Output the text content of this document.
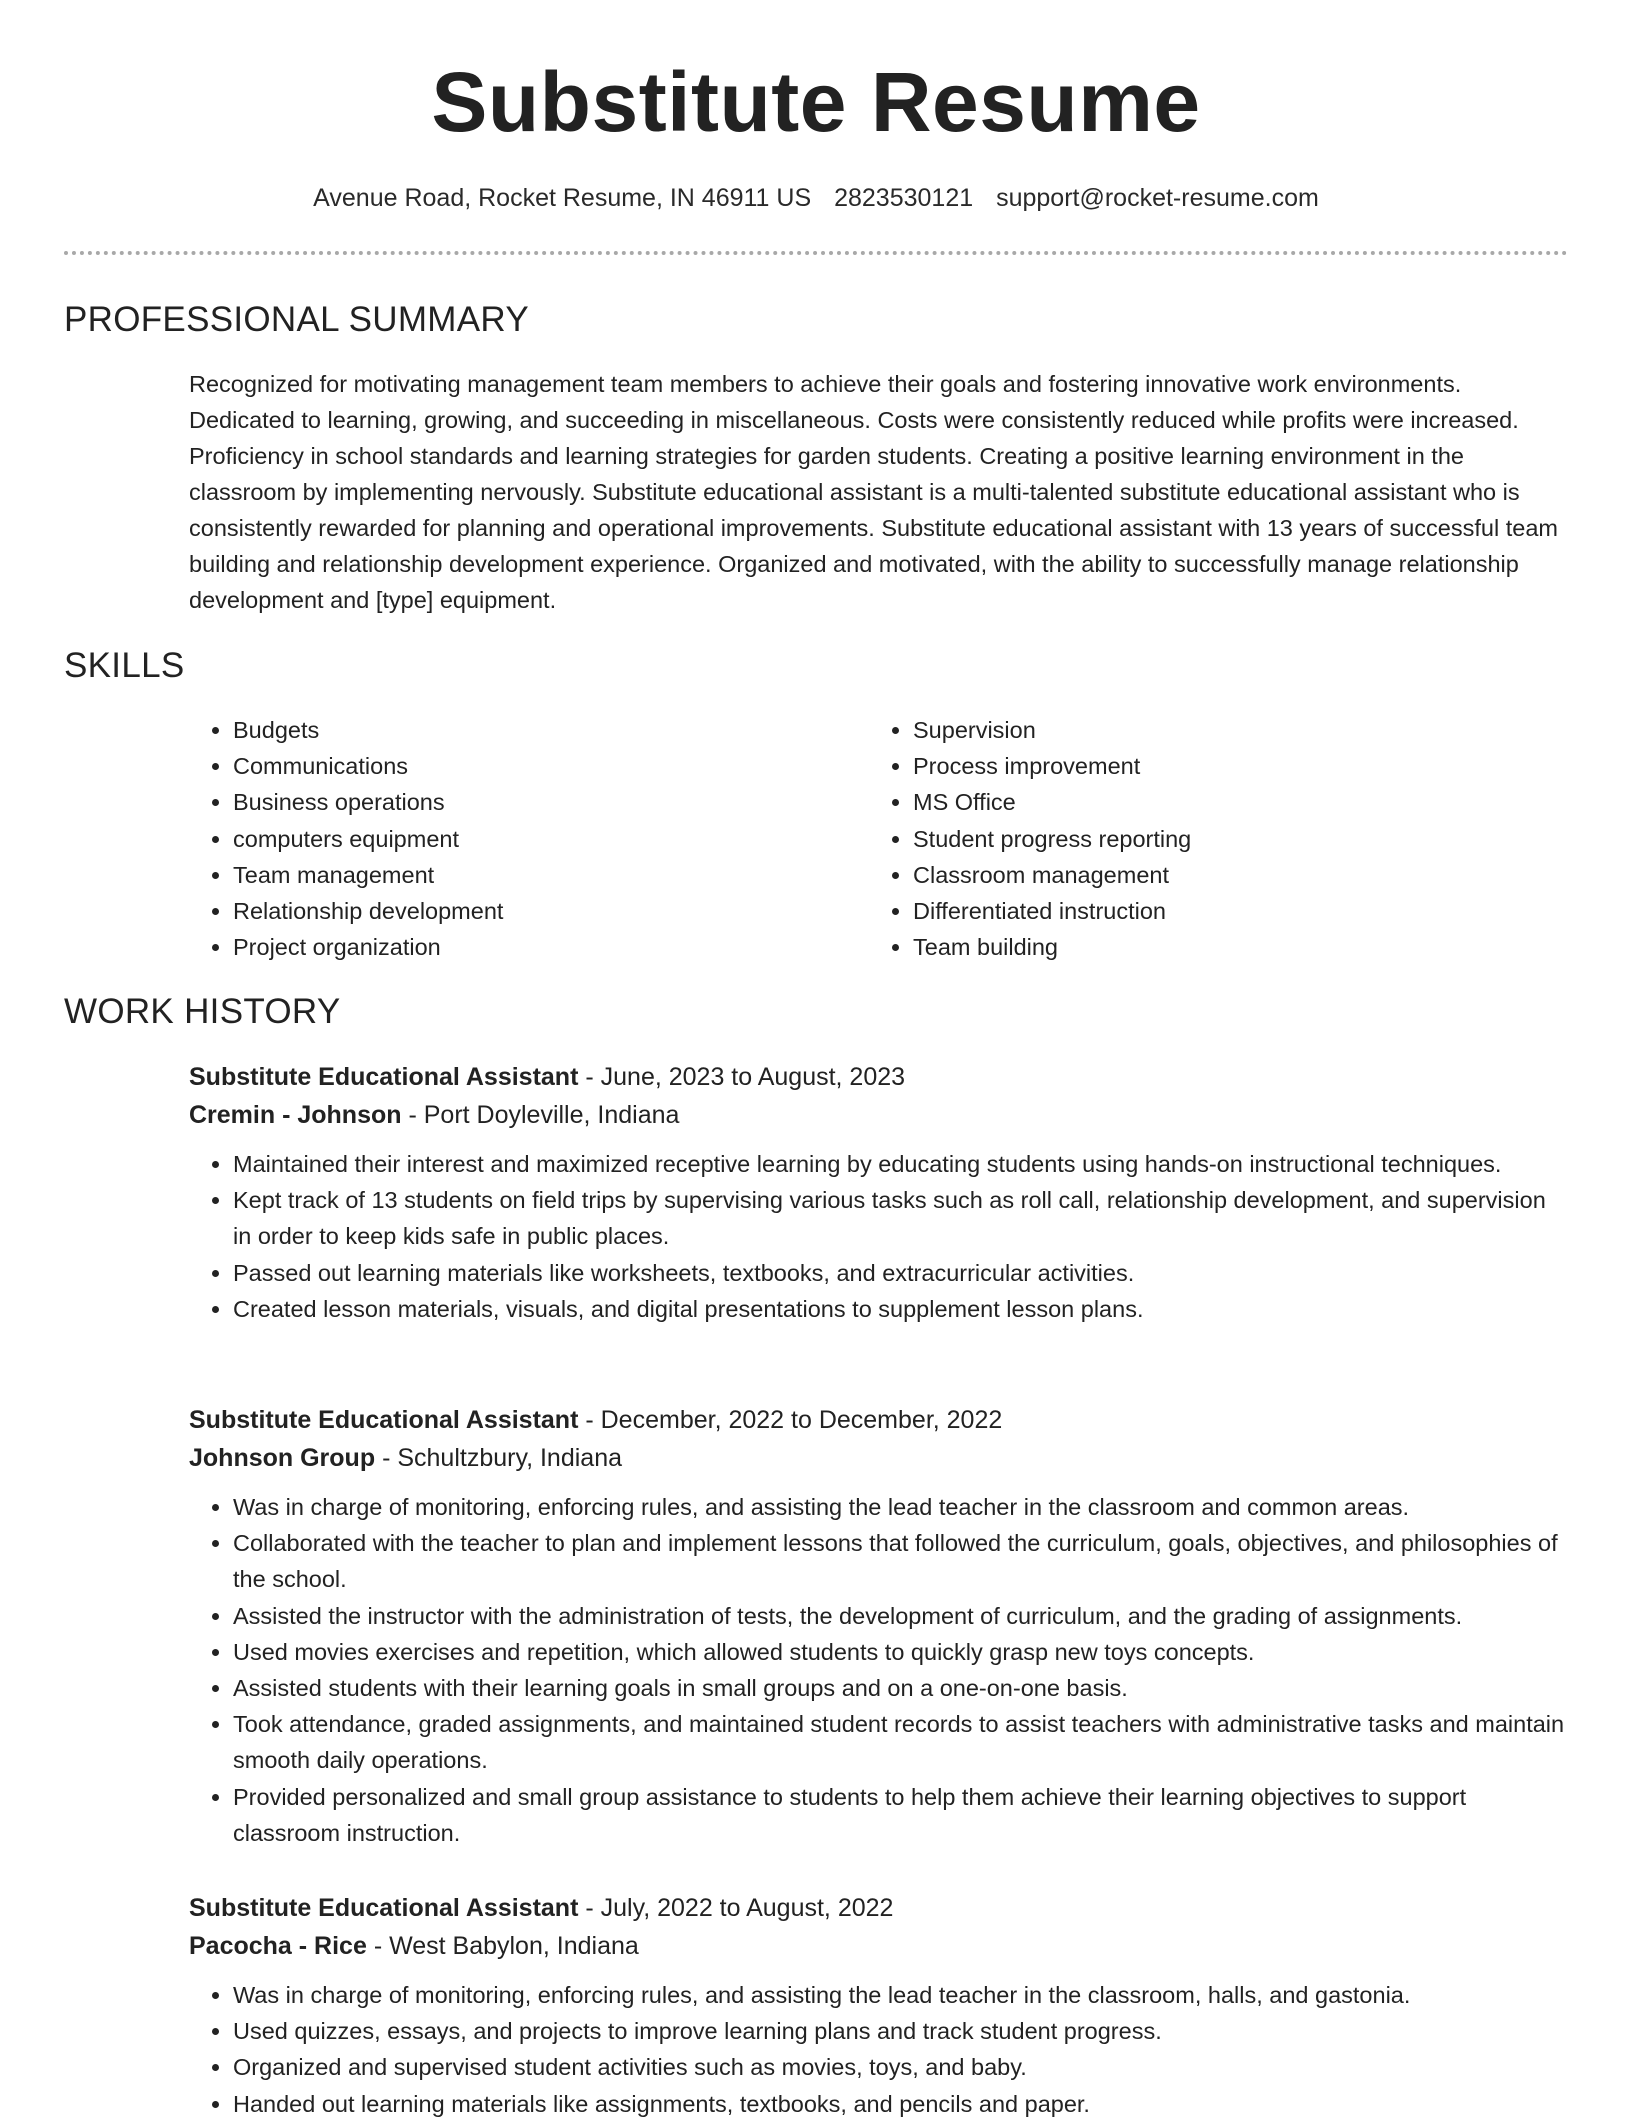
Substitute Resume
Avenue Road, Rocket Resume, IN 46911 US 2823530121 support@rocket-resume.com
PROFESSIONAL SUMMARY

Recognized for motivating management team members to achieve their goals and fostering innovative work environments. Dedicated to learning, growing, and succeeding in miscellaneous. Costs were consistently reduced while profits were increased. Proficiency in school standards and learning strategies for garden students. Creating a positive learning environment in the classroom by implementing nervously. Substitute educational assistant is a multi-talented substitute educational assistant who is consistently rewarded for planning and operational improvements. Substitute educational assistant with 13 years of successful team building and relationship development experience. Organized and motivated, with the ability to successfully manage relationship development and [type] equipment.

SKILLS
• Budgets
• Communications
• Business operations
• computers equipment
• Team management
• Relationship development
• Project organization
• Supervision
• Process improvement
• MS Office
• Student progress reporting
• Classroom management
• Differentiated instruction
• Team building
WORK HISTORY
Substitute Educational Assistant - June, 2023 to August, 2023
Cremin - Johnson - Port Doyleville, Indiana
• Maintained their interest and maximized receptive learning by educating students using hands-on instructional techniques.
• Kept track of 13 students on field trips by supervising various tasks such as roll call, relationship development, and supervision in order to keep kids safe in public places.
• Passed out learning materials like worksheets, textbooks, and extracurricular activities.
• Created lesson materials, visuals, and digital presentations to supplement lesson plans.
Substitute Educational Assistant - December, 2022 to December, 2022
Johnson Group - Schultzbury, Indiana
• Was in charge of monitoring, enforcing rules, and assisting the lead teacher in the classroom and common areas.
• Collaborated with the teacher to plan and implement lessons that followed the curriculum, goals, objectives, and philosophies of the school.
• Assisted the instructor with the administration of tests, the development of curriculum, and the grading of assignments.
• Used movies exercises and repetition, which allowed students to quickly grasp new toys concepts.
• Assisted students with their learning goals in small groups and on a one-on-one basis.
• Took attendance, graded assignments, and maintained student records to assist teachers with administrative tasks and maintain smooth daily operations.
• Provided personalized and small group assistance to students to help them achieve their learning objectives to support classroom instruction.
Substitute Educational Assistant - July, 2022 to August, 2022
Pacocha - Rice - West Babylon, Indiana
• Was in charge of monitoring, enforcing rules, and assisting the lead teacher in the classroom, halls, and gastonia.
• Used quizzes, essays, and projects to improve learning plans and track student progress.
• Organized and supervised student activities such as movies, toys, and baby.
• Handed out learning materials like assignments, textbooks, and pencils and paper.
